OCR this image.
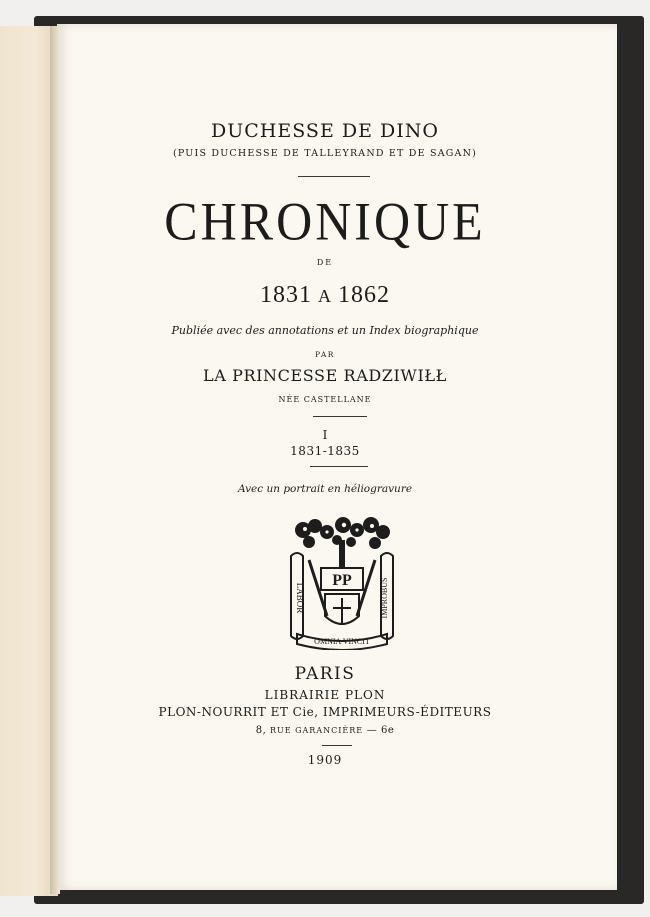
DUCHESSE DE DINO
(PUIS DUCHESSE DE TALLEYRAND ET DE SAGAN)
CHRONIQUE
DE
1831 A 1862
Publiée avec des annotations et un Index biographique
PAR
LA PRINCESSE RADZIWIŁŁ
NÉE CASTELLANE
I
1831-1835
Avec un portrait en héliogravure
LABOR	IMPROBUS
PP
OMNIA VINCIT
PARIS
LIBRAIRIE PLON
PLON-NOURRIT ET Cie, IMPRIMEURS-ÉDITEURS
8, RUE GARANCIÈRE — 6e
1909
